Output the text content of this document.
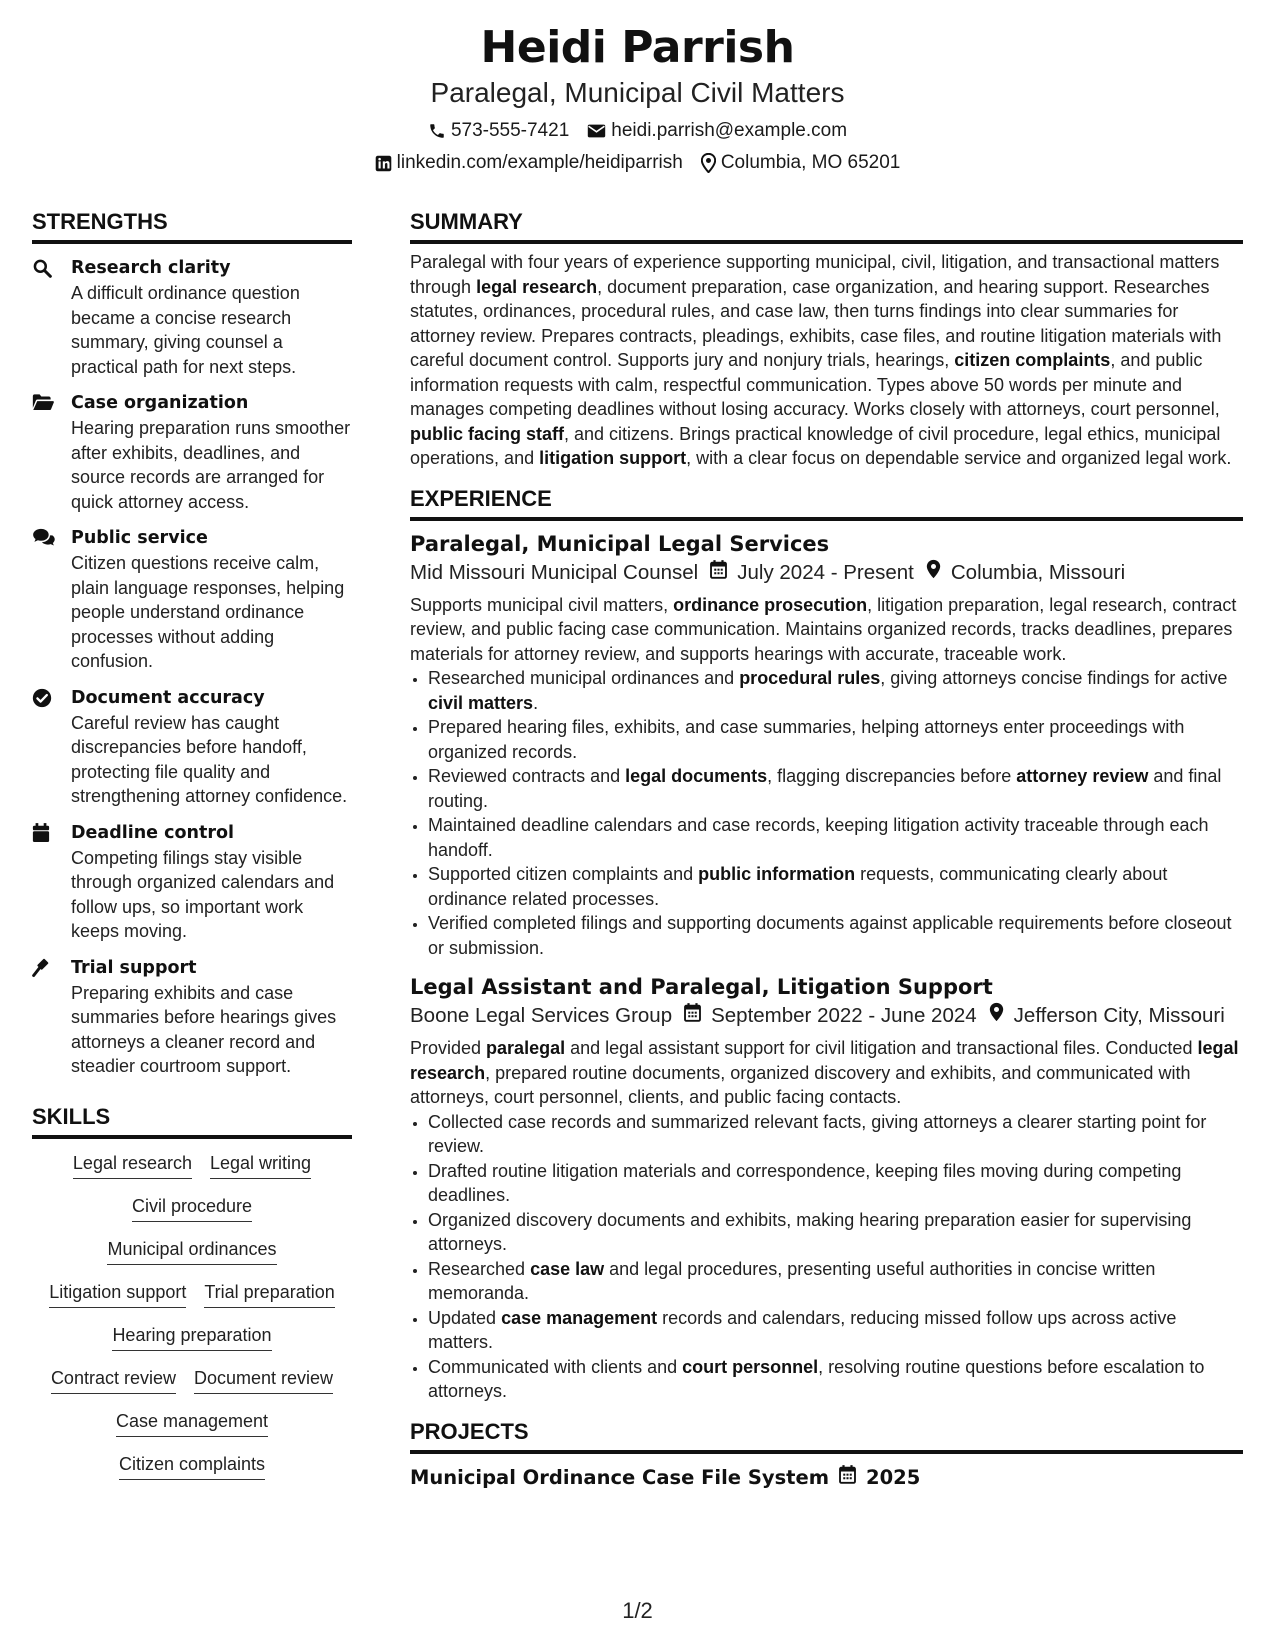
Heidi Parrish
Paralegal, Municipal Civil Matters
573-555-7421 heidi.parrish@example.com
linkedin.com/example/heidiparrish Columbia, MO 65201
STRENGTHS
Research clarity
A difficult ordinance question became a concise research summary, giving counsel a practical path for next steps.
Case organization
Hearing preparation runs smoother after exhibits, deadlines, and source records are arranged for quick attorney access.
Public service
Citizen questions receive calm, plain language responses, helping people understand ordinance processes without adding confusion.
Document accuracy
Careful review has caught discrepancies before handoff, protecting file quality and strengthening attorney confidence.
Deadline control
Competing filings stay visible through organized calendars and follow ups, so important work keeps moving.
Trial support
Preparing exhibits and case summaries before hearings gives attorneys a cleaner record and steadier courtroom support.
SKILLS
Legal research Legal writing
Civil procedure
Municipal ordinances
Litigation support Trial preparation
Hearing preparation
Contract review Document review
Case management
Citizen complaints
SUMMARY
Paralegal with four years of experience supporting municipal, civil, litigation, and transactional matters through legal research, document preparation, case organization, and hearing support. Researches statutes, ordinances, procedural rules, and case law, then turns findings into clear summaries for attorney review. Prepares contracts, pleadings, exhibits, case files, and routine litigation materials with careful document control. Supports jury and nonjury trials, hearings, citizen complaints, and public information requests with calm, respectful communication. Types above 50 words per minute and manages competing deadlines without losing accuracy. Works closely with attorneys, court personnel, public facing staff, and citizens. Brings practical knowledge of civil procedure, legal ethics, municipal operations, and litigation support, with a clear focus on dependable service and organized legal work.
EXPERIENCE
Paralegal, Municipal Legal Services
Mid Missouri Municipal Counsel July 2024 - Present Columbia, Missouri
Supports municipal civil matters, ordinance prosecution, litigation preparation, legal research, contract review, and public facing case communication. Maintains organized records, tracks deadlines, prepares materials for attorney review, and supports hearings with accurate, traceable work.
• Researched municipal ordinances and procedural rules, giving attorneys concise findings for active civil matters.
• Prepared hearing files, exhibits, and case summaries, helping attorneys enter proceedings with organized records.
• Reviewed contracts and legal documents, flagging discrepancies before attorney review and final routing.
• Maintained deadline calendars and case records, keeping litigation activity traceable through each handoff.
• Supported citizen complaints and public information requests, communicating clearly about ordinance related processes.
• Verified completed filings and supporting documents against applicable requirements before closeout or submission.
Legal Assistant and Paralegal, Litigation Support
Boone Legal Services Group September 2022 - June 2024 Jefferson City, Missouri
Provided paralegal and legal assistant support for civil litigation and transactional files. Conducted legal research, prepared routine documents, organized discovery and exhibits, and communicated with attorneys, court personnel, clients, and public facing contacts.
• Collected case records and summarized relevant facts, giving attorneys a clearer starting point for review.
• Drafted routine litigation materials and correspondence, keeping files moving during competing deadlines.
• Organized discovery documents and exhibits, making hearing preparation easier for supervising attorneys.
• Researched case law and legal procedures, presenting useful authorities in concise written memoranda.
• Updated case management records and calendars, reducing missed follow ups across active matters.
• Communicated with clients and court personnel, resolving routine questions before escalation to attorneys.
PROJECTS
Municipal Ordinance Case File System 2025
1/2
